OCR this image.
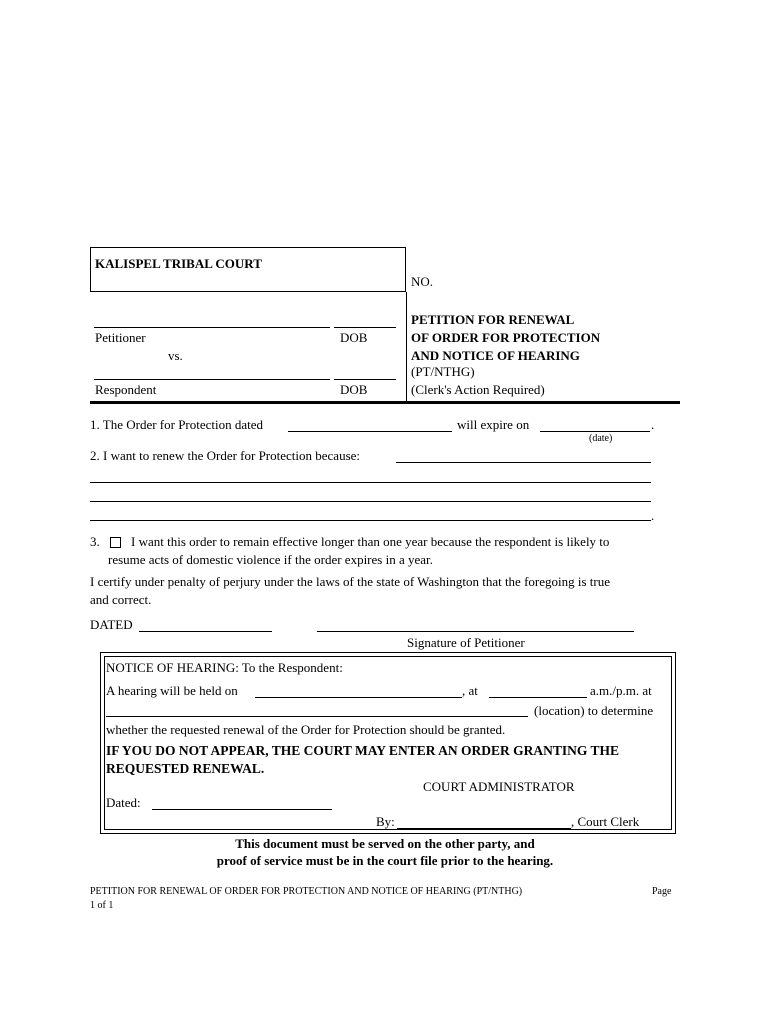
KALISPEL TRIBAL COURT
NO.
Petitioner	DOB
vs.
Respondent	DOB
PETITION FOR RENEWAL
OF ORDER FOR PROTECTION
AND NOTICE OF HEARING
(PT/NTHG)
(Clerk's Action Required)
1. The Order for Protection dated	will expire on	.
(date)
2. I want to renew the Order for Protection because:
.
3. I want this order to remain effective longer than one year because the respondent is likely to
resume acts of domestic violence if the order expires in a year.
I certify under penalty of perjury under the laws of the state of Washington that the foregoing is true
and correct.
DATED
Signature of Petitioner
NOTICE OF HEARING: To the Respondent:
A hearing will be held on	, at	a.m./p.m. at
(location) to determine
whether the requested renewal of the Order for Protection should be granted.
IF YOU DO NOT APPEAR, THE COURT MAY ENTER AN ORDER GRANTING THE
REQUESTED RENEWAL.
COURT ADMINISTRATOR
Dated:
By:	, Court Clerk
This document must be served on the other party, and
proof of service must be in the court file prior to the hearing.
PETITION FOR RENEWAL OF ORDER FOR PROTECTION AND NOTICE OF HEARING (PT/NTHG)	Page
1 of 1
